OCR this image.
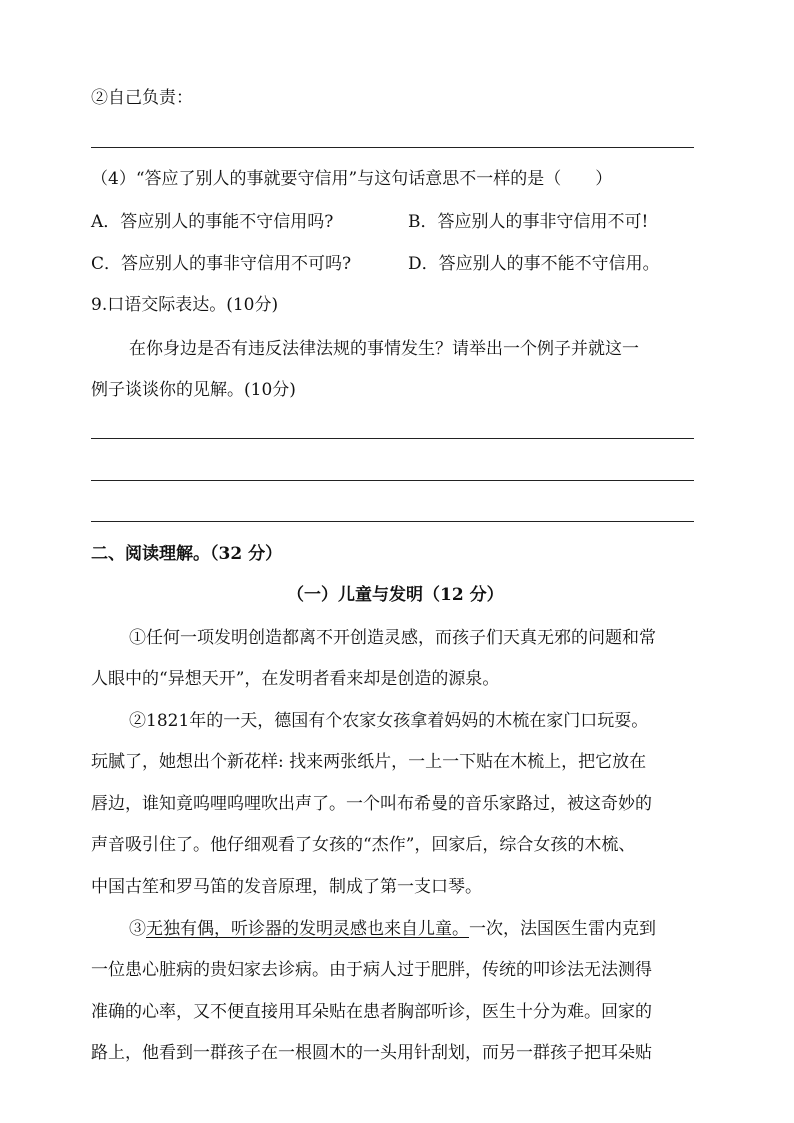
②自己负责：
（4）“答应了别人的事就要守信用”与这句话意思不一样的是（　　）
A．答应别人的事能不守信用吗?	B．答应别人的事非守信用不可!
C．答应别人的事非守信用不可吗?	D．答应别人的事不能不守信用。
9.口语交际表达。(10分)
在你身边是否有违反法律法规的事情发生？请举出一个例子并就这一
例子谈谈你的见解。(10分)
二、阅读理解。（32 分）
（一）儿童与发明（12 分）
①任何一项发明创造都离不开创造灵感，而孩子们天真无邪的问题和常
人眼中的“异想天开”，在发明者看来却是创造的源泉。
②1821年的一天，德国有个农家女孩拿着妈妈的木梳在家门口玩耍。
玩腻了，她想出个新花样: 找来两张纸片，一上一下贴在木梳上，把它放在
唇边，谁知竟呜哩呜哩吹出声了。一个叫布希曼的音乐家路过，被这奇妙的
声音吸引住了。他仔细观看了女孩的“杰作”，回家后，综合女孩的木梳、
中国古笙和罗马笛的发音原理，制成了第一支口琴。
③无独有偶，听诊器的发明灵感也来自儿童。一次，法国医生雷内克到
一位患心脏病的贵妇家去诊病。由于病人过于肥胖，传统的叩诊法无法测得
准确的心率，又不便直接用耳朵贴在患者胸部听诊，医生十分为难。回家的
路上，他看到一群孩子在一根圆木的一头用针刮划，而另一群孩子把耳朵贴
